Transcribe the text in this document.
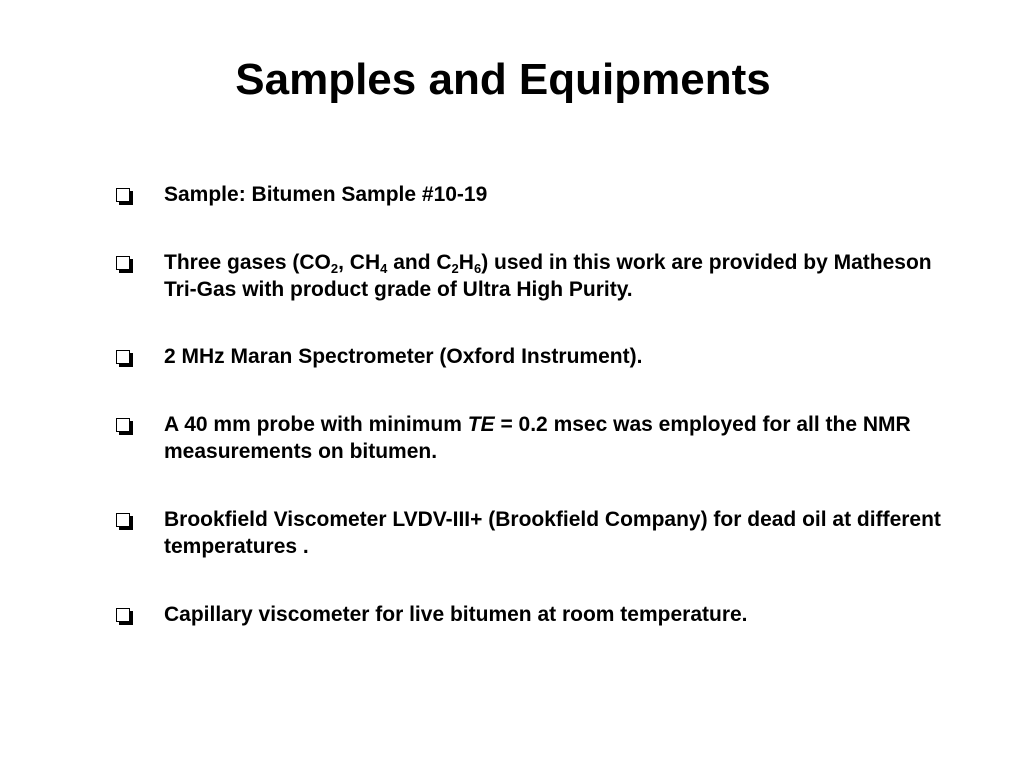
Samples and Equipments
Sample: Bitumen Sample #10-19
Three gases ($CO_2$, $CH_4$ and $C_2H_6$) used in this work are provided by Matheson Tri-Gas with product grade of Ultra High Purity.
2 MHz Maran Spectrometer (Oxford Instrument).
A 40 mm probe with minimum TE = 0.2 msec was employed for all the NMR measurements on bitumen.
Brookfield Viscometer LVDV-III+ (Brookfield Company) for dead oil at different temperatures .
Capillary viscometer for live bitumen at room temperature.
